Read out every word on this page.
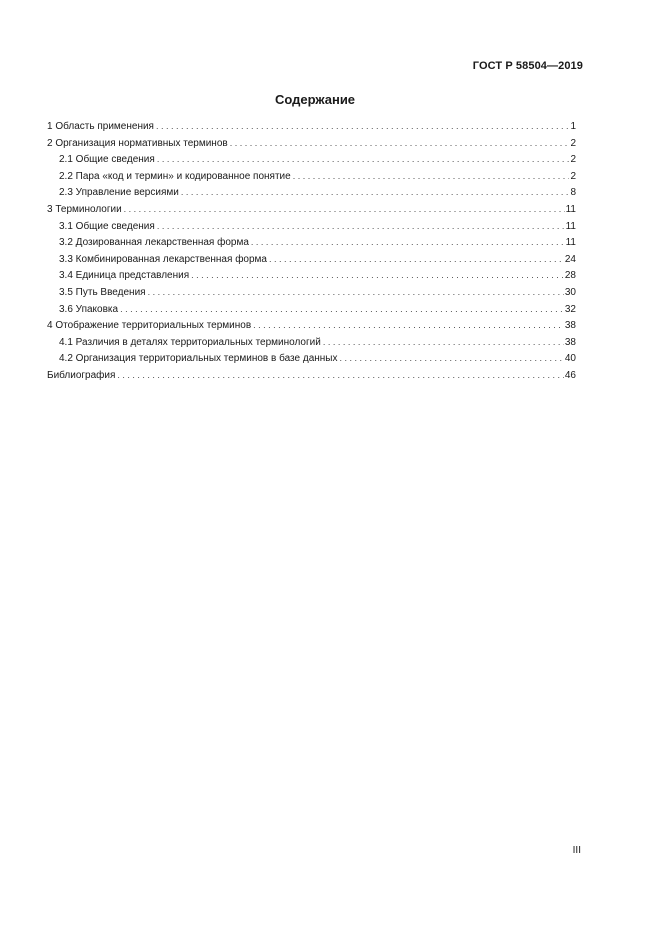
ГОСТ Р 58504—2019
Содержание
1 Область применения . . .	1
2 Организация нормативных терминов . . .	2
2.1 Общие сведения . . .	2
2.2 Пара «код и термин» и кодированное понятие . . .	2
2.3 Управление версиями . . .	8
3 Терминологии . . .	11
3.1 Общие сведения . . .	11
3.2 Дозированная лекарственная форма . . .	11
3.3 Комбинированная лекарственная форма . . .	24
3.4 Единица представления . . .	28
3.5 Путь Введения . . .	30
3.6 Упаковка . . .	32
4 Отображение территориальных терминов . . .	38
4.1 Различия в деталях территориальных терминологий . . .	38
4.2 Организация территориальных терминов в базе данных . . .	40
Библиография . . .	46
III
